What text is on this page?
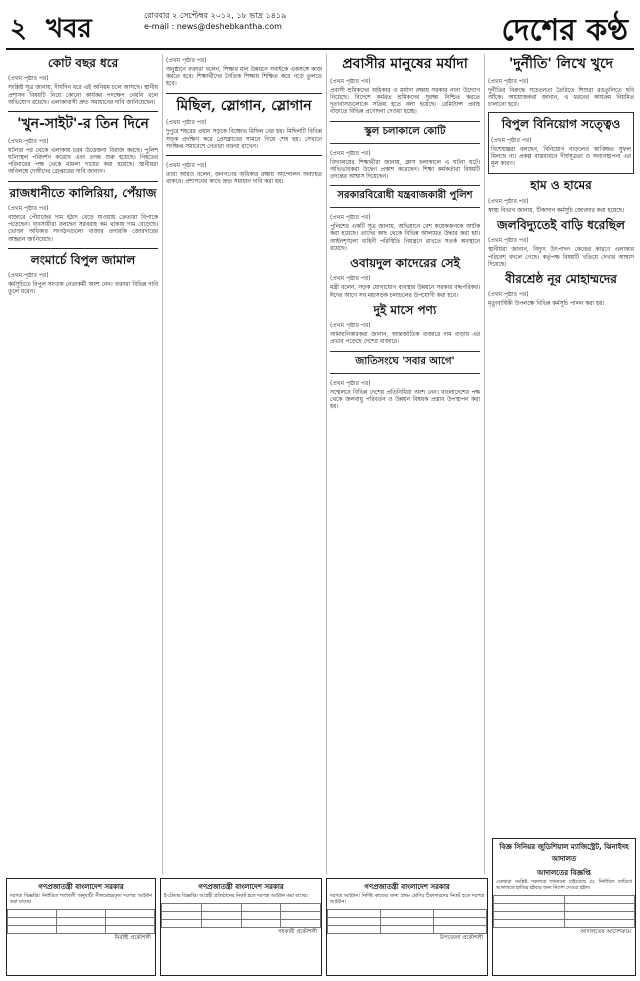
২ খবর	রোববার ২ সেপ্টেম্বর ২০১২, ১৮ ভাদ্র ১৪১৯
e-mail : news@deshebkantha.com	দেশের কণ্ঠ
কোট বছর ধরে
(প্রথম পৃষ্ঠার পর)

সংশ্লিষ্ট সূত্র জানায়, দীর্ঘদিন ধরে এই অনিয়ম চলে আসছে। স্থানীয় প্রশাসন বিষয়টি নিয়ে কোনো কার্যকর পদক্ষেপ নেয়নি বলে অভিযোগ রয়েছে। এলাকাবাসী দ্রুত সমাধানের দাবি জানিয়েছেন।

'খুন-সাইট'-র তিন দিনে
(প্রথম পৃষ্ঠার পর)

ঘটনার পর থেকে এলাকায় চরম উত্তেজনা বিরাজ করছে। পুলিশ ঘটনাস্থল পরিদর্শন করেছে এবং তদন্ত শুরু হয়েছে। নিহতের পরিবারের পক্ষ থেকে মামলা দায়ের করা হয়েছে। স্থানীয়রা অবিলম্বে দোষীদের গ্রেপ্তারের দাবি জানান।

রাজধানীতে কালিরিয়া, পেঁয়াজ
(প্রথম পৃষ্ঠার পর)

বাজারে পেঁয়াজের দাম হঠাৎ বেড়ে যাওয়ায় ক্রেতারা বিপাকে পড়েছেন। ব্যবসায়ীরা বলছেন সরবরাহ কম থাকায় দাম বেড়েছে। ভোক্তা অধিকার সংগঠনগুলো বাজার তদারকি জোরদারের আহ্বান জানিয়েছে।

লংমার্চে বিপুল জামাল
(প্রথম পৃষ্ঠার পর)

কর্মসূচিতে বিপুল সংখ্যক নেতাকর্মী অংশ নেন। বক্তারা বিভিন্ন দাবি তুলে ধরেন।

(প্রথম পৃষ্ঠার পর)

অনুষ্ঠানে বক্তারা বলেন, শিক্ষার মান উন্নয়নে সবাইকে একসঙ্গে কাজ করতে হবে। শিক্ষার্থীদের নৈতিক শিক্ষায় শিক্ষিত করে গড়ে তুলতে হবে।

মিছিল, স্লোগান, স্লোগান
(প্রথম পৃষ্ঠার পর)

দুপুরে শহরের প্রধান সড়কে বিক্ষোভ মিছিল বের হয়। মিছিলটি বিভিন্ন সড়ক প্রদক্ষিণ করে প্রেসক্লাবের সামনে গিয়ে শেষ হয়। সেখানে সংক্ষিপ্ত সমাবেশে নেতারা বক্তব্য রাখেন।

(প্রথম পৃষ্ঠার পর)

তারা আরও বলেন, জনগণের অধিকার রক্ষায় আন্দোলন অব্যাহত থাকবে। প্রশাসনের কাছে দ্রুত সমাধান দাবি করা হয়।

প্রবাসীর মানুষের মর্যাদা
(প্রথম পৃষ্ঠার পর)

প্রবাসী শ্রমিকদের অধিকার ও মর্যাদা রক্ষায় সরকার নানা উদ্যোগ নিয়েছে। বিদেশে কর্মরত শ্রমিকদের সুরক্ষা নিশ্চিত করতে দূতাবাসগুলোকে সক্রিয় হতে বলা হয়েছে। রেমিট্যান্স প্রবাহ বাড়াতে বিভিন্ন প্রণোদনা দেওয়া হচ্ছে।

স্কুল চলাকালে কোটি
(প্রথম পৃষ্ঠার পর)

বিদ্যালয়ের শিক্ষার্থীরা জানায়, ক্লাস চলাকালে এ ঘটনা ঘটে। অভিভাবকরা উদ্বেগ প্রকাশ করেছেন। শিক্ষা কর্মকর্তারা বিষয়টি তদন্তের আশ্বাস দিয়েছেন।

সরকারবিরোধী যন্ত্রবাজকারী পুলিশ
(প্রথম পৃষ্ঠার পর)

পুলিশের একটি সূত্র জানায়, অভিযানে বেশ কয়েকজনকে আটক করা হয়েছে। তাদের কাছ থেকে বিভিন্ন আলামত উদ্ধার করা হয়। আইনশৃঙ্খলা বাহিনী পরিস্থিতি নিয়ন্ত্রণে রাখতে সতর্ক অবস্থানে রয়েছে।

ওবায়দুল কাদেরের সেই
(প্রথম পৃষ্ঠার পর)

মন্ত্রী বলেন, সড়ক যোগাযোগ ব্যবস্থার উন্নয়নে সরকার বদ্ধপরিকর। ঈদের আগে সব মহাসড়ক চলাচলের উপযোগী করা হবে।

দুই মাসে পণ্য
(প্রথম পৃষ্ঠার পর)

আমদানিকারকরা জানান, আন্তর্জাতিক বাজারে দাম বাড়ায় এর প্রভাব পড়েছে দেশের বাজারে।

জাতিসংঘে 'সবার আগে'
(প্রথম পৃষ্ঠার পর)

সম্মেলনে বিভিন্ন দেশের প্রতিনিধিরা অংশ নেন। বাংলাদেশের পক্ষ থেকে জলবায়ু পরিবর্তন ও উন্নয়ন বিষয়ক প্রস্তাব উপস্থাপন করা হয়।

'দুর্নীতি' লিখে খুদে
(প্রথম পৃষ্ঠার পর)

দুর্নীতির বিরুদ্ধে সচেতনতা তৈরিতে শিশুরা রঙতুলিতে ছবি আঁকে। আয়োজকরা জানান, এ ধরনের কার্যক্রম নিয়মিত চালানো হবে।

বিপুল বিনিয়োগ সত্ত্বেও
(প্রথম পৃষ্ঠার পর)

বিশেষজ্ঞরা বলছেন, বিনিয়োগ বাড়লেও কাঙ্ক্ষিত সুফল মিলছে না। প্রকল্প বাস্তবায়নে দীর্ঘসূত্রতা ও অব্যবস্থাপনা এর মূল কারণ।

হাম ও হামের
(প্রথম পৃষ্ঠার পর)

স্বাস্থ্য বিভাগ জানায়, টিকাদান কর্মসূচি জোরদার করা হয়েছে।

জলবিদ্যুতেই বাড়ি ধরেছিল
(প্রথম পৃষ্ঠার পর)

স্থানীয়রা জানান, বিদ্যুৎ উৎপাদন কেন্দ্রের কারণে এলাকার পরিবেশ বদলে গেছে। কর্তৃপক্ষ বিষয়টি খতিয়ে দেখার আশ্বাস দিয়েছে।

বীরশ্রেষ্ঠ নূর মোহাম্মদের
(প্রথম পৃষ্ঠার পর)

মৃত্যুবার্ষিকী উপলক্ষে বিভিন্ন কর্মসূচি পালন করা হয়।

গণপ্রজাতন্ত্রী বাংলাদেশ সরকার

দরপত্র বিজ্ঞপ্তি। নির্ধারিত শর্তাবলী অনুযায়ী সীলমোহরকৃত দরপত্র আহ্বান করা যাচ্ছে।

নির্বাহী প্রকৌশলী
গণপ্রজাতন্ত্রী বাংলাদেশ সরকার

ই-টেন্ডার বিজ্ঞপ্তি। আগ্রহী প্রতিষ্ঠানের নিকট হতে দরপত্র আহ্বান করা যাচ্ছে।

সহকারী প্রকৌশলী
গণপ্রজাতন্ত্রী বাংলাদেশ সরকার

দরপত্র আহ্বান। নির্দিষ্ট কাজের জন্য প্রথম শ্রেণির ঠিকাদারদের নিকট হতে দরপত্র আহ্বান।

উপজেলা প্রকৌশলী
বিজ্ঞ সিনিয়র জুডিশিয়াল ম্যাজিস্ট্রেট, ঝিনাইদহ আদালত
আদালতের বিজ্ঞপ্তি

এতদ্বারা সংশ্লিষ্ট সকলকে জানানো যাইতেছে যে, নির্ধারিত তারিখে আদালতে হাজির হইবার জন্য নির্দেশ দেওয়া হইল।

আদালতের আদেশক্রমে
